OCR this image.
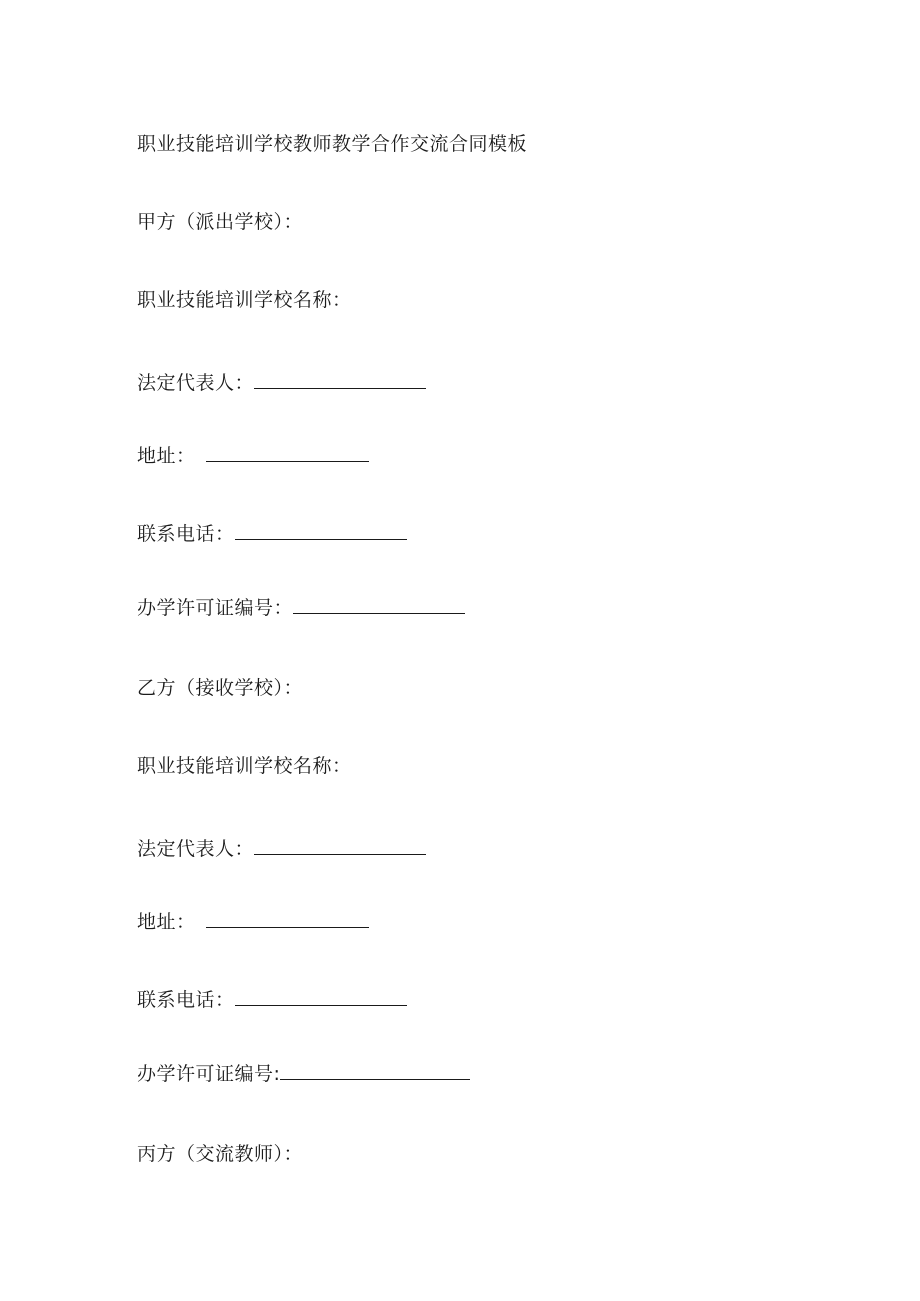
职业技能培训学校教师教学合作交流合同模板
甲方（派出学校）：
职业技能培训学校名称：
法定代表人：
地址：
联系电话：
办学许可证编号：
乙方（接收学校）：
职业技能培训学校名称：
法定代表人：
地址：
联系电话：
办学许可证编号:
丙方（交流教师）：
